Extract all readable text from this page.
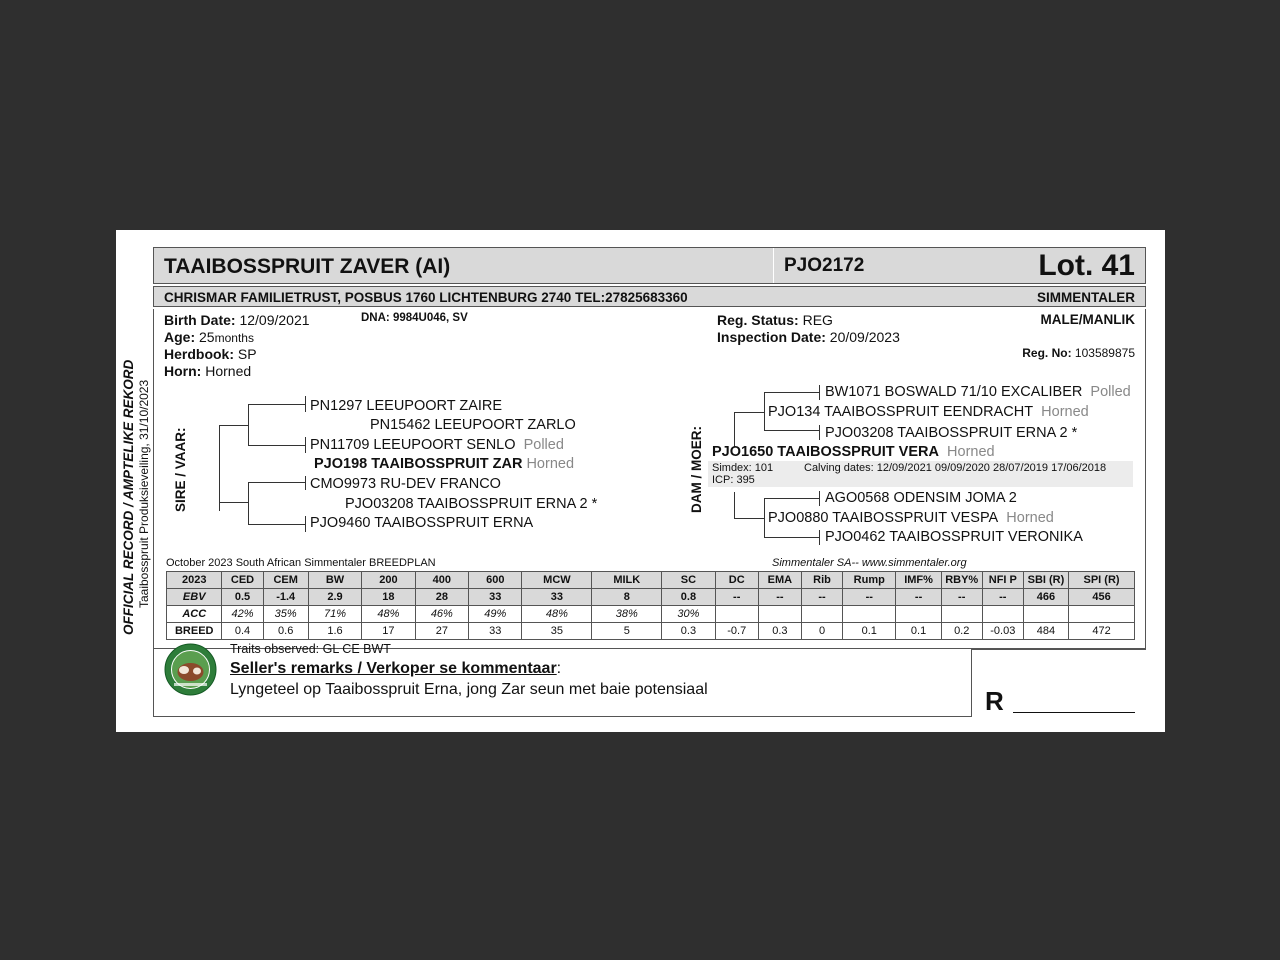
OFFICIAL RECORD / AMPTELIKE REKORD Taaibosspruit Produksieveiling, 31/10/2023
TAAIBOSSPRUIT ZAVER (AI)	PJO2172	Lot. 41
CHRISMAR FAMILIETRUST, POSBUS 1760 LICHTENBURG 2740 TEL:27825683360	SIMMENTALER
Birth Date: 12/09/2021	DNA: 9984U046, SV
Age: 25months
Herdbook: SP
Horn: Horned
Reg. Status: REG
Inspection Date: 20/09/2023
MALE/MANLIK
Reg. No: 103589875
SIRE / VAAR:
PN1297 LEEUPOORT ZAIRE
PN15462 LEEUPOORT ZARLO
PN11709 LEEUPOORT SENLO Polled
PJO198 TAAIBOSSPRUIT ZAR Horned
CMO9973 RU-DEV FRANCO
PJO03208 TAAIBOSSPRUIT ERNA 2 *
PJO9460 TAAIBOSSPRUIT ERNA
DAM / MOER:
BW1071 BOSWALD 71/10 EXCALIBER Polled
PJO134 TAAIBOSSPRUIT EENDRACHT Horned
PJO03208 TAAIBOSSPRUIT ERNA 2 *
PJO1650 TAAIBOSSPRUIT VERA Horned
Simdex: 101	Calving dates: 12/09/2021 09/09/2020 28/07/2019 17/06/2018
ICP: 395
AGO0568 ODENSIM JOMA 2
PJO0880 TAAIBOSSPRUIT VESPA Horned
PJO0462 TAAIBOSSPRUIT VERONIKA
October 2023 South African Simmentaler BREEDPLAN	Simmentaler SA-- www.simmentaler.org
2023	CED	CEM	BW	200	400	600	MCW	MILK	SC	DC	EMA	Rib	Rump	IMF%	RBY%	NFI P	SBI (R)	SPI (R)
EBV	0.5	-1.4	2.9	18	28	33	33	8	0.8	--	--	--	--	--	--	--	466	456
ACC	42%	35%	71%	48%	46%	49%	48%	38%	30%									
BREED	0.4	0.6	1.6	17	27	33	35	5	0.3	-0.7	0.3	0	0.1	0.1	0.2	-0.03	484	472
Traits observed: GL CE BWT
Seller's remarks / Verkoper se kommentaar:
Lyngeteel op Taaibosspruit Erna, jong Zar seun met baie potensiaal	R
